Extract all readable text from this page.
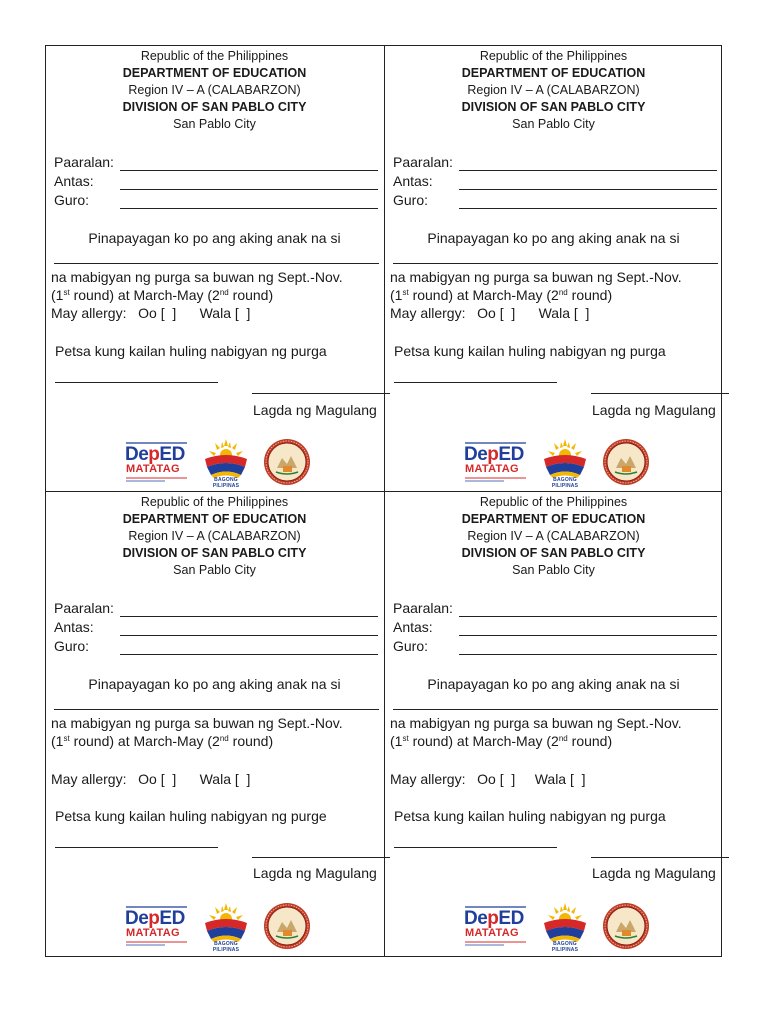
Republic of the Philippines
DEPARTMENT OF EDUCATION
Region IV – A (CALABARZON)
DIVISION OF SAN PABLO CITY
San Pablo City
Paaralan:
Antas:
Guro:
Pinapayagan ko po ang aking anak na si
na mabigyan ng purga sa buwan ng Sept.-Nov.
(1st round) at March-May (2nd round)
May allergy:   Oo [  ]      Wala [  ]
Petsa kung kailan huling nabigyan ng purga
Lagda ng Magulang
DepED
MATATAG
BAGONG PILIPINAS
Republic of the Philippines
DEPARTMENT OF EDUCATION
Region IV – A (CALABARZON)
DIVISION OF SAN PABLO CITY
San Pablo City
Paaralan:
Antas:
Guro:
Pinapayagan ko po ang aking anak na si
na mabigyan ng purga sa buwan ng Sept.-Nov.
(1st round) at March-May (2nd round)
May allergy:   Oo [  ]      Wala [  ]
Petsa kung kailan huling nabigyan ng purga
Lagda ng Magulang
DepED
MATATAG
BAGONG PILIPINAS
Republic of the Philippines
DEPARTMENT OF EDUCATION
Region IV – A (CALABARZON)
DIVISION OF SAN PABLO CITY
San Pablo City
Paaralan:
Antas:
Guro:
Pinapayagan ko po ang aking anak na si
na mabigyan ng purga sa buwan ng Sept.-Nov.
(1st round) at March-May (2nd round)
May allergy:   Oo [  ]      Wala [  ]
Petsa kung kailan huling nabigyan ng purge
Lagda ng Magulang
DepED
MATATAG
BAGONG PILIPINAS
Republic of the Philippines
DEPARTMENT OF EDUCATION
Region IV – A (CALABARZON)
DIVISION OF SAN PABLO CITY
San Pablo City
Paaralan:
Antas:
Guro:
Pinapayagan ko po ang aking anak na si
na mabigyan ng purga sa buwan ng Sept.-Nov.
(1st round) at March-May (2nd round)
May allergy:   Oo [  ]     Wala [  ]
Petsa kung kailan huling nabigyan ng purga
Lagda ng Magulang
DepED
MATATAG
BAGONG PILIPINAS
